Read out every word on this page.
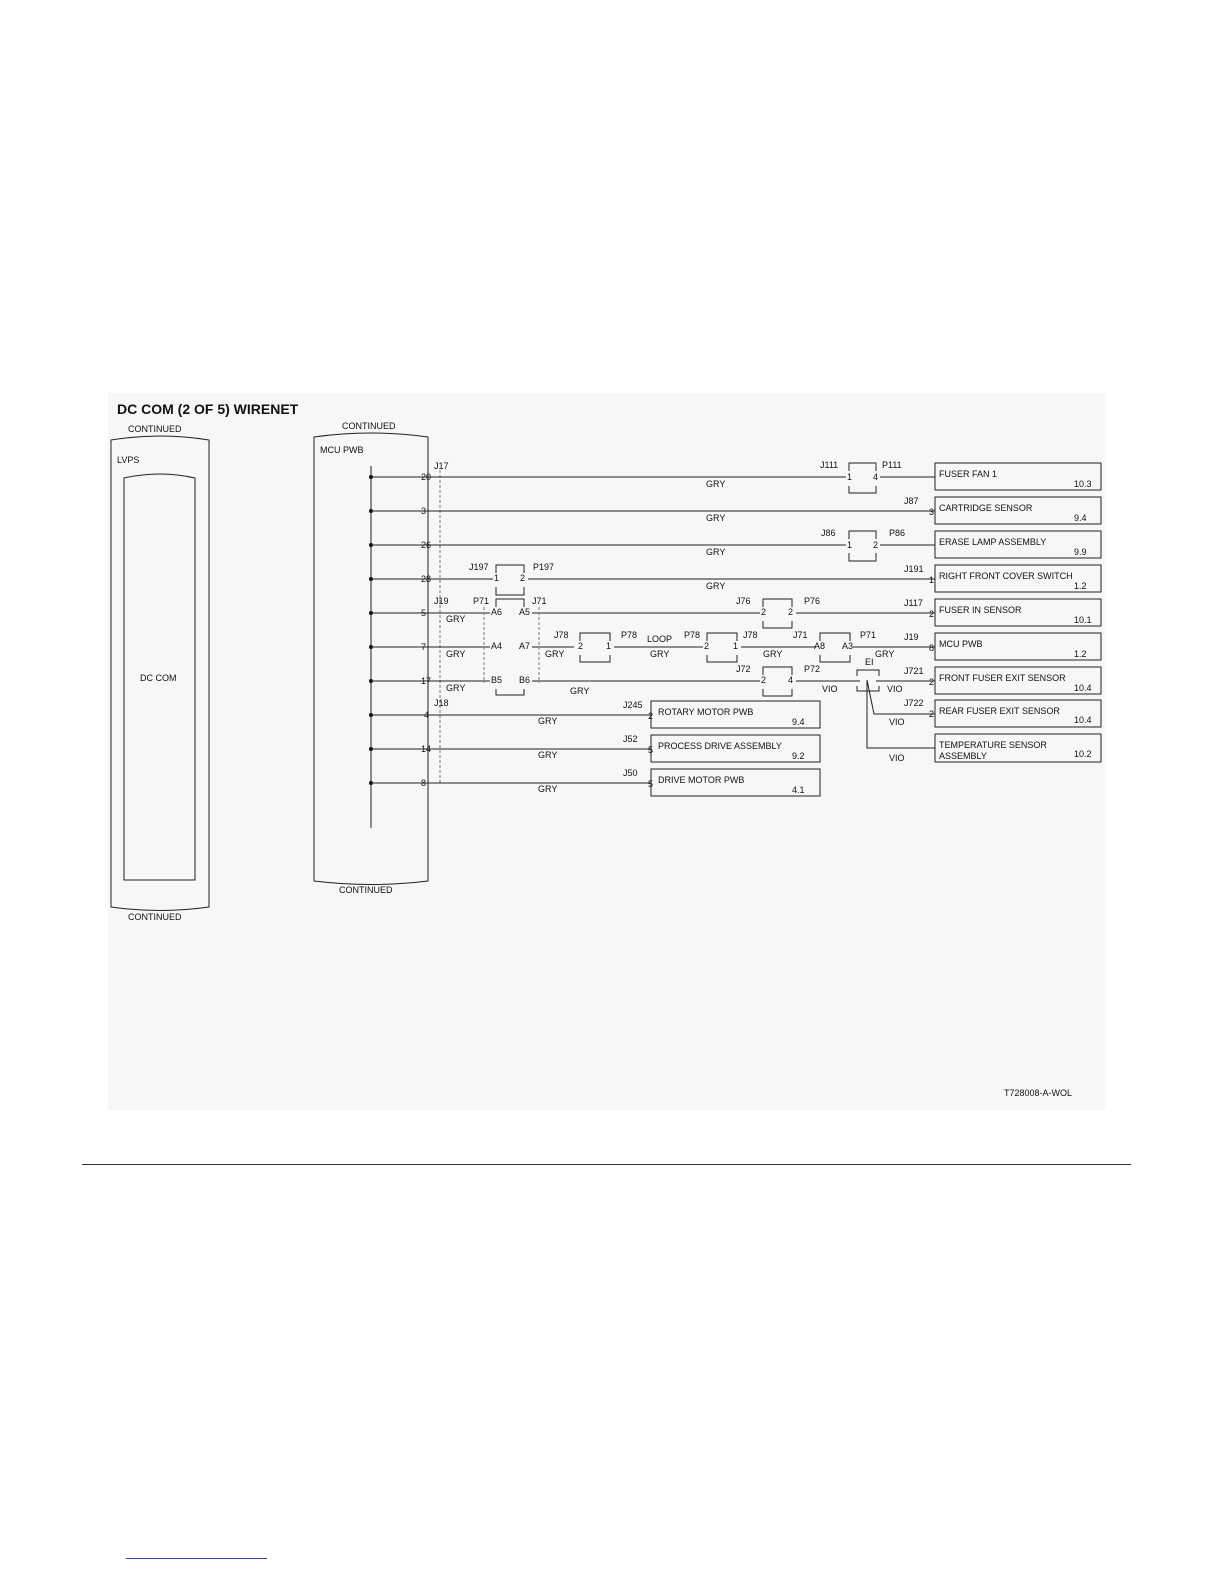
DC COM (2 OF 5) WIRENET
CONTINUED
LVPS
DC COM
CONTINUED
CONTINUED
MCU PWB
CONTINUED
J17
J18
20
GRY
FUSER FAN 1
10.3
3
GRY
CARTRIDGE SENSOR
9.4
3
J87
26
GRY
ERASE LAMP ASSEMBLY
9.9
28
GRY
RIGHT FRONT COVER SWITCH
1.2
1
J191
5
GRY
FUSER IN SENSOR
10.1
2
J117
7
GRY	GRY	GRY	GRY	GRY
MCU PWB
1.2
8
J19
17
GRY	GRY	VIO	VIO
FRONT FUSER EXIT SENSOR
10.4
2
J721
4
GRY
ROTARY MOTOR PWB
9.4
2
J245
14
GRY
PROCESS DRIVE ASSEMBLY
9.2
5
J52
8
GRY
DRIVE MOTOR PWB
4.1
5
J50
J111	P111
1 4
J86	P86
1 2
J197	P197
1 2
J19	P71	J71
A6 A5
J76	P76
2 2
A4 A7
J78	P78
2	1
LOOP P78	J78
2	1
J71	P71
A8 A3
B5 B6
J72	P72
2 4
EI
VIO
VIO
J722
2 REAR FUSER EXIT SENSOR
10.4
TEMPERATURE SENSOR
ASSEMBLY	10.2
T728008-A-WOL
